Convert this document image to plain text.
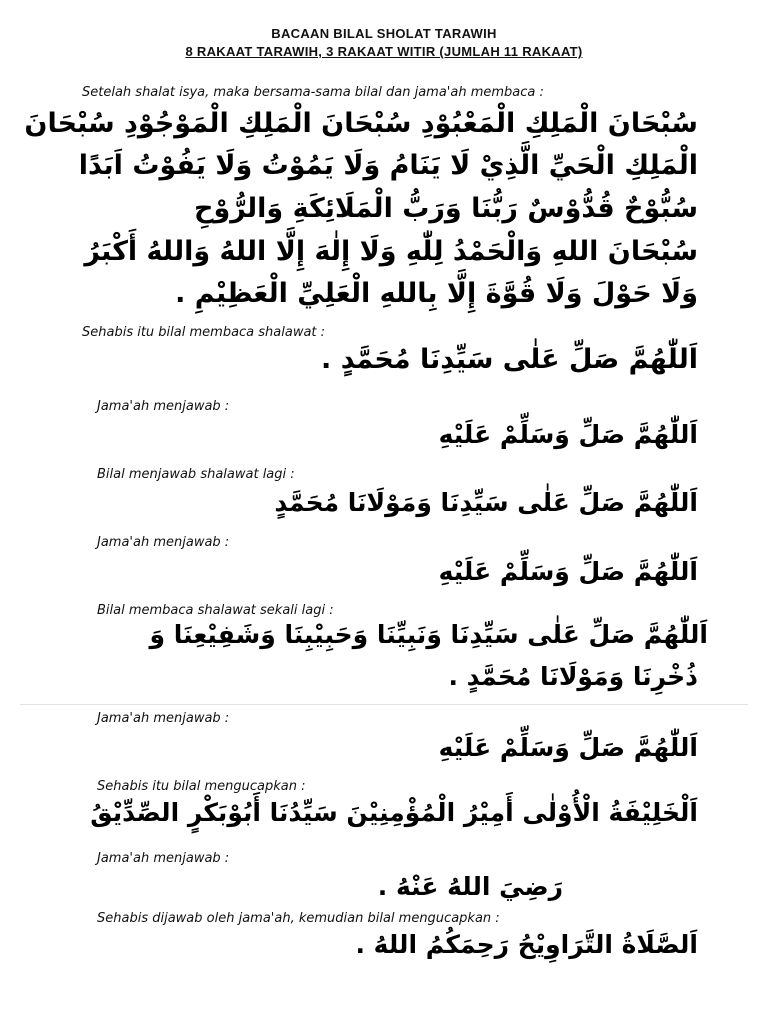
BACAAN BILAL SHOLAT TARAWIH
8 RAKAAT TARAWIH, 3 RAKAAT WITIR (JUMLAH 11 RAKAAT)
Setelah shalat isya, maka bersama-sama bilal dan jama'ah membaca :
سُبْحَانَ الْمَلِكِ الْمَعْبُوْدِ سُبْحَانَ الْمَلِكِ الْمَوْجُوْدِ سُبْحَانَ
الْمَلِكِ الْحَيِّ الَّذِيْ لَا يَنَامُ وَلَا يَمُوْتُ وَلَا يَفُوْتُ اَبَدًا
سُبُّوْحٌ قُدُّوْسٌ رَبُّنَا وَرَبُّ الْمَلَائِكَةِ وَالرُّوْحِ
سُبْحَانَ اللهِ وَالْحَمْدُ لِلّٰهِ وَلَا إِلٰهَ إِلَّا اللهُ وَاللهُ أَكْبَرُ
وَلَا حَوْلَ وَلَا قُوَّةَ إِلَّا بِاللهِ الْعَلِيِّ الْعَظِيْمِ .
Sehabis itu bilal membaca shalawat :
اَللّٰهُمَّ صَلِّ عَلٰى سَيِّدِنَا مُحَمَّدٍ .
Jama'ah menjawab :
اَللّٰهُمَّ صَلِّ وَسَلِّمْ عَلَيْهِ
Bilal menjawab shalawat lagi :
اَللّٰهُمَّ صَلِّ عَلٰى سَيِّدِنَا وَمَوْلَانَا مُحَمَّدٍ
Jama'ah menjawab :
اَللّٰهُمَّ صَلِّ وَسَلِّمْ عَلَيْهِ
Bilal membaca shalawat sekali lagi :
اَللّٰهُمَّ صَلِّ عَلٰى سَيِّدِنَا وَنَبِيِّنَا وَحَبِيْبِنَا وَشَفِيْعِنَا وَ
ذُخْرِنَا وَمَوْلَانَا مُحَمَّدٍ .
Jama'ah menjawab :
اَللّٰهُمَّ صَلِّ وَسَلِّمْ عَلَيْهِ
Sehabis itu bilal mengucapkan :
اَلْخَلِيْفَةُ الْأُوْلٰى أَمِيْرُ الْمُؤْمِنِيْنَ سَيِّدُنَا أَبُوْبَكْرٍ الصِّدِّيْقُ
Jama'ah menjawab :
رَضِيَ اللهُ عَنْهُ .
Sehabis dijawab oleh jama'ah, kemudian bilal mengucapkan :
اَلصَّلَاةُ التَّرَاوِيْحُ رَحِمَكُمُ اللهُ .
